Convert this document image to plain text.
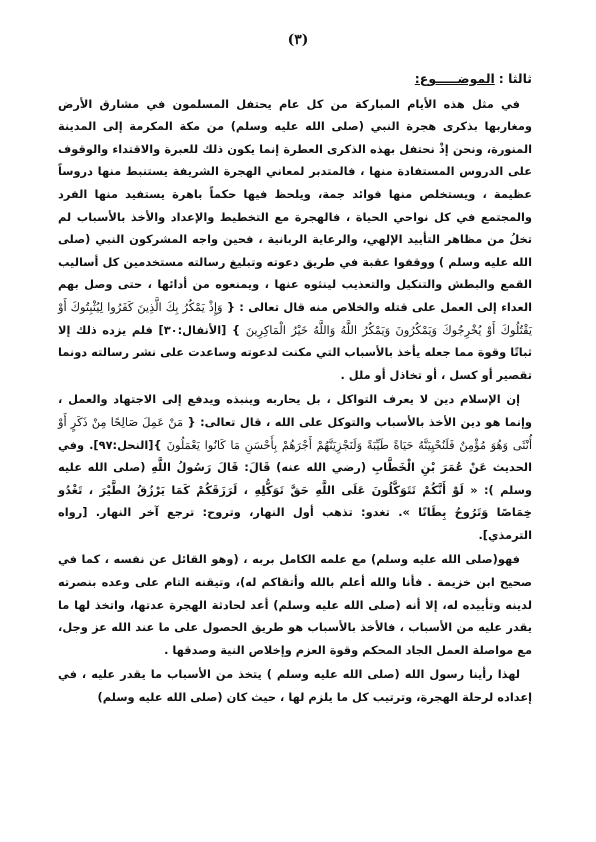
(٣)
ثالثا : الموضـــــوع:

في مثل هذه الأيام المباركة من كل عام يحتفل المسلمون في مشارق الأرض ومغاربها بذكرى هجرة النبي (صلى الله عليه وسلم) من مكة المكرمة إلى المدينة المنورة، ونحن إذْ نحتفل بهذه الذكرى العطرة إنما يكون ذلك للعبرة والاقتداء والوقوف على الدروس المستفادة منها ، فالمتدبر لمعاني الهجرة الشريفة يستنبط منها دروساً عظيمة ، ويستخلص منها فوائد جمة، ويلحظ فيها حكماً باهرة يستفيد منها الفرد والمجتمع في كل نواحي الحياة ، فالهجرة مع التخطيط والإعداد والأخذ بالأسباب لم تخلُ من مظاهر التأييد الإلهي، والرعاية الربانية ، فحين واجه المشركون النبي (صلى الله عليه وسلم ) ووقفوا عقبة في طريق دعوته وتبليغ رسالته مستخدمين كل أساليب القمع والبطش والتنكيل والتعذيب لينثوه عنها ، ويمنعوه من أدائها ، حتى وصل بهم العداء إلى العمل على قتله والخلاص منه قال تعالى : { وَإِذْ يَمْكُرُ بِكَ الَّذِينَ كَفَرُوا لِيُثْبِتُوكَ أَوْ يَقْتُلُوكَ أَوْ يُخْرِجُوكَ وَيَمْكُرُونَ وَيَمْكُرُ اللَّهُ وَاللَّهُ خَيْرُ الْمَاكِرِينَ } [الأنفال:٣٠] فلم يزده ذلك إلا ثباتًا وقوة مما جعله يأخذ بالأسباب التي مكنت لدعوته وساعدت على نشر رسالته دونما تقصير أو كسل ، أو تخاذل أو ملل .

إن الإسلام دين لا يعرف التواكل ، بل يحاربه وينبذه ويدفع إلى الاجتهاد والعمل ، وإنما هو دين الأخذ بالأسباب والتوكل على الله ، قال تعالى: { مَنْ عَمِلَ صَالِحًا مِنْ ذَكَرٍ أَوْ أُنْثَى وَهُوَ مُؤْمِنٌ فَلَنُحْيِيَنَّهُ حَيَاةً طَيِّبَةً وَلَنَجْزِيَنَّهُمْ أَجْرَهُمْ بِأَحْسَنِ مَا كَانُوا يَعْمَلُونَ }[النحل:٩٧]. وفي الحديث عَنْ عُمَرَ بْنِ الْخَطَّابِ (رضي الله عنه) قَالَ: قَالَ رَسُولُ اللَّهِ (صلى الله عليه وسلم ): « لَوْ أَنَّكُمْ تَتَوَكَّلُونَ عَلَى اللَّهِ حَقَّ تَوَكُّلِهِ ، لَرَزَقَكُمْ كَمَا يَرْزُقُ الطَّيْرَ ، تَغْدُو خِمَاصًا وَتَرُوحُ بِطَانًا ». تغدو: تذهب أول النهار، وتروح: ترجع آخر النهار. [رواه الترمذي].

فهو(صلى الله عليه وسلم) مع علمه الكامل بربه ، (وهو القائل عن نفسه ، كما في صحيح ابن خزيمة . فأنا والله أعلم بالله وأتقاكم له)، وتيقنه التام على وعده بنصرته لدينه وتأييده له، إلا أنه (صلى الله عليه وسلم) أعد لحادثة الهجرة عدتها، واتخذ لها ما يقدر عليه من الأسباب ، فالأخذ بالأسباب هو طريق الحصول على ما عند الله عز وجل، مع مواصلة العمل الجاد المحكم وقوة العزم وإخلاص النية وصدقها .

لهذا رأينا رسول الله (صلى الله عليه وسلم ) يتخذ من الأسباب ما يقدر عليه ، في إعداده لرحلة الهجرة، وترتيب كل ما يلزم لها ، حيث كان (صلى الله عليه وسلم)
